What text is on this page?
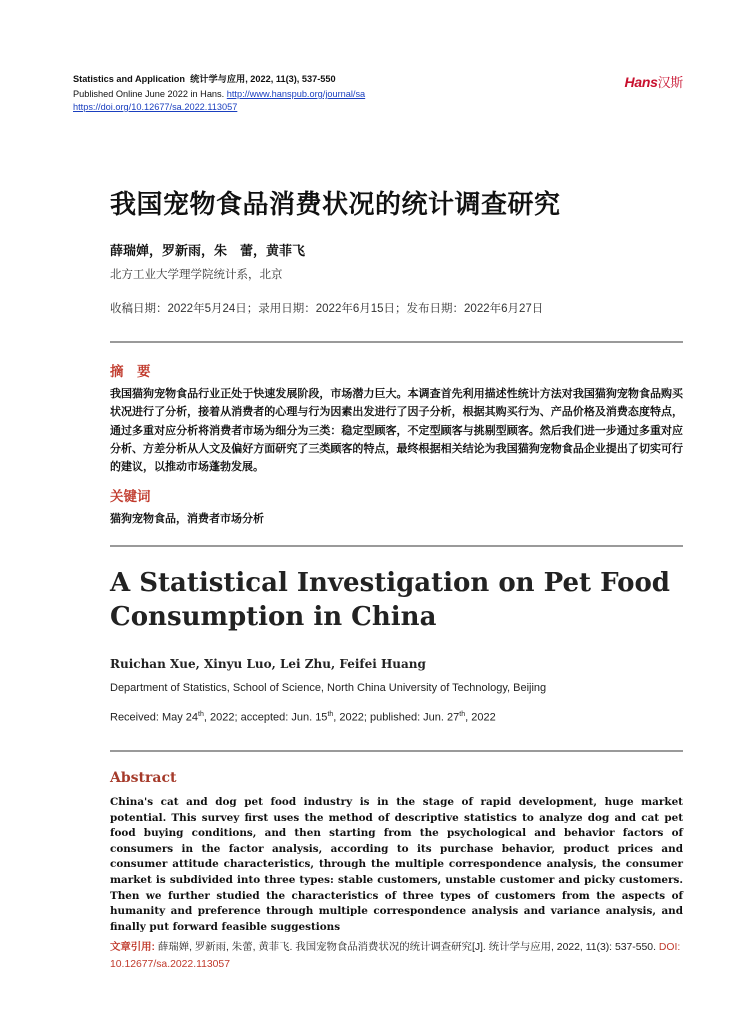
Statistics and Application 统计学与应用, 2022, 11(3), 537-550
Published Online June 2022 in Hans. http://www.hanspub.org/journal/sa
https://doi.org/10.12677/sa.2022.113057
Hans汉斯
我国宠物食品消费状况的统计调查研究
薛瑞婵，罗新雨，朱　蕾，黄菲飞
北方工业大学理学院统计系，北京
收稿日期：2022年5月24日；录用日期：2022年6月15日；发布日期：2022年6月27日
摘　要
我国猫狗宠物食品行业正处于快速发展阶段，市场潜力巨大。本调查首先利用描述性统计方法对我国猫狗宠物食品购买状况进行了分析，接着从消费者的心理与行为因素出发进行了因子分析，根据其购买行为、产品价格及消费态度特点，通过多重对应分析将消费者市场为细分为三类：稳定型顾客，不定型顾客与挑剔型顾客。然后我们进一步通过多重对应分析、方差分析从人文及偏好方面研究了三类顾客的特点，最终根据相关结论为我国猫狗宠物食品企业提出了切实可行的建议，以推动市场蓬勃发展。
关键词
猫狗宠物食品，消费者市场分析
A Statistical Investigation on Pet Food Consumption in China
Ruichan Xue, Xinyu Luo, Lei Zhu, Feifei Huang
Department of Statistics, School of Science, North China University of Technology, Beijing
Received: May 24th, 2022; accepted: Jun. 15th, 2022; published: Jun. 27th, 2022
Abstract
China's cat and dog pet food industry is in the stage of rapid development, huge market potential. This survey first uses the method of descriptive statistics to analyze dog and cat pet food buying conditions, and then starting from the psychological and behavior factors of consumers in the factor analysis, according to its purchase behavior, product prices and consumer attitude characteristics, through the multiple correspondence analysis, the consumer market is subdivided into three types: stable customers, unstable customer and picky customers. Then we further studied the characteristics of three types of customers from the aspects of humanity and preference through multiple correspondence analysis and variance analysis, and finally put forward feasible suggestions
文章引用: 薛瑞婵, 罗新雨, 朱蕾, 黄菲飞. 我国宠物食品消费状况的统计调查研究[J]. 统计学与应用, 2022, 11(3): 537-550. DOI: 10.12677/sa.2022.113057
